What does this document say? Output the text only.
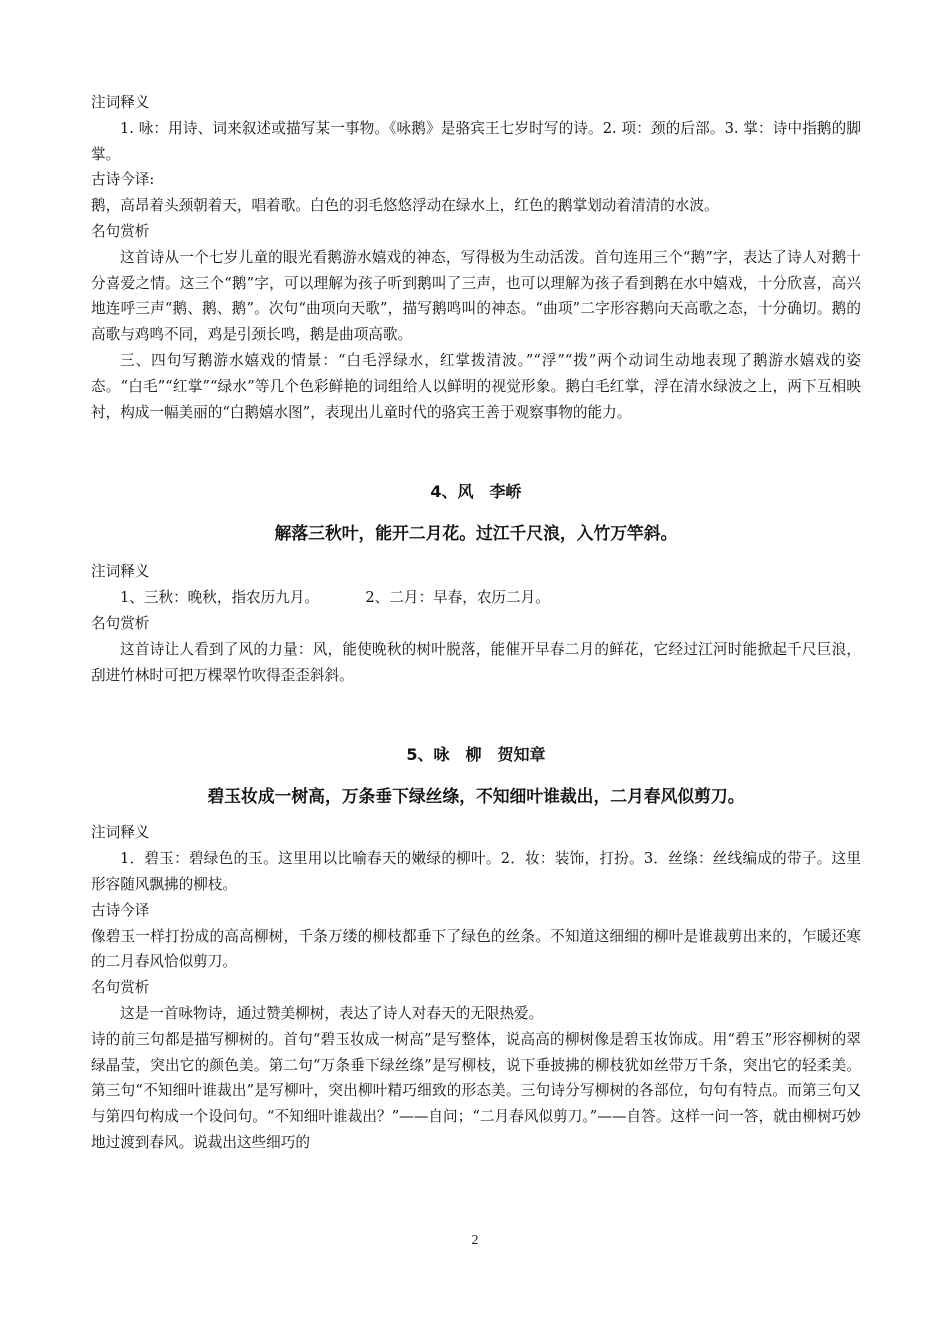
注词释义

1. 咏：用诗、词来叙述或描写某一事物。《咏鹅》是骆宾王七岁时写的诗。2. 项：颈的后部。3. 掌：诗中指鹅的脚掌。

古诗今译:

鹅，高昂着头颈朝着天，唱着歌。白色的羽毛悠悠浮动在绿水上，红色的鹅掌划动着清清的水波。

名句赏析

这首诗从一个七岁儿童的眼光看鹅游水嬉戏的神态，写得极为生动活泼。首句连用三个“鹅”字，表达了诗人对鹅十分喜爱之情。这三个“鹅”字，可以理解为孩子听到鹅叫了三声，也可以理解为孩子看到鹅在水中嬉戏，十分欣喜，高兴地连呼三声“鹅、鹅、鹅”。次句“曲项向天歌”，描写鹅鸣叫的神态。“曲项”二字形容鹅向天高歌之态，十分确切。鹅的高歌与鸡鸣不同，鸡是引颈长鸣，鹅是曲项高歌。

三、四句写鹅游水嬉戏的情景：“白毛浮绿水，红掌拨清波。”“浮”“拨”两个动词生动地表现了鹅游水嬉戏的姿态。“白毛”“红掌”“绿水”等几个色彩鲜艳的词组给人以鲜明的视觉形象。鹅白毛红掌，浮在清水绿波之上，两下互相映衬，构成一幅美丽的“白鹅嬉水图”，表现出儿童时代的骆宾王善于观察事物的能力。

4、风　李峤
解落三秋叶，能开二月花。过江千尺浪，入竹万竿斜。

注词释义

1、三秋：晚秋，指农历九月。          2、二月：早春，农历二月。

名句赏析

这首诗让人看到了风的力量：风，能使晚秋的树叶脱落，能催开早春二月的鲜花，它经过江河时能掀起千尺巨浪， 刮进竹林时可把万棵翠竹吹得歪歪斜斜。

5、咏　柳　贺知章
碧玉妆成一树高，万条垂下绿丝绦，不知细叶谁裁出，二月春风似剪刀。

注词释义

1．碧玉：碧绿色的玉。这里用以比喻春天的嫩绿的柳叶。2．妆：装饰，打扮。3．丝绦：丝线编成的带子。这里形容随风飘拂的柳枝。

古诗今译

像碧玉一样打扮成的高高柳树，千条万缕的柳枝都垂下了绿色的丝条。不知道这细细的柳叶是谁裁剪出来的，乍暖还寒的二月春风恰似剪刀。

名句赏析

这是一首咏物诗，通过赞美柳树，表达了诗人对春天的无限热爱。

诗的前三句都是描写柳树的。首句“碧玉妆成一树高”是写整体，说高高的柳树像是碧玉妆饰成。用“碧玉”形容柳树的翠绿晶莹，突出它的颜色美。第二句“万条垂下绿丝绦”是写柳枝，说下垂披拂的柳枝犹如丝带万千条，突出它的轻柔美。第三句“不知细叶谁裁出”是写柳叶，突出柳叶精巧细致的形态美。三句诗分写柳树的各部位，句句有特点。而第三句又与第四句构成一个设问句。“不知细叶谁裁出？”——自问；“二月春风似剪刀。”——自答。这样一问一答，就由柳树巧妙地过渡到春风。说裁出这些细巧的

2
